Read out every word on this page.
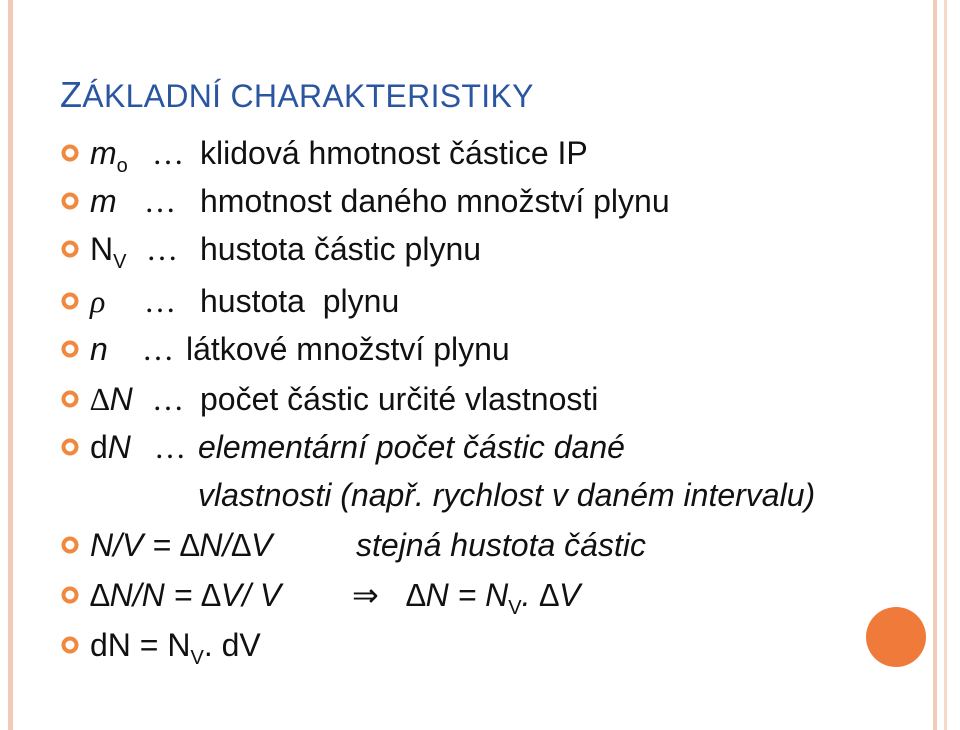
ZÁKLADNÍ CHARAKTERISTIKY
$m_o$ … klidová hmotnost částice IP
m … hmotnost daného množství plynu
$N_V$ … hustota částic plynu
ρ … hustota  plynu
n … látkové množství plynu
∆N … počet částic určité vlastnosti
dN … elementární počet částic dané
vlastnosti (např. rychlost v daném intervalu)
N/V = ∆N/∆V	stejná hustota částic
∆N/N = ∆V/ V ⇒ $\Delta N = N_V$. ∆V
dN = $N_V$. dV
